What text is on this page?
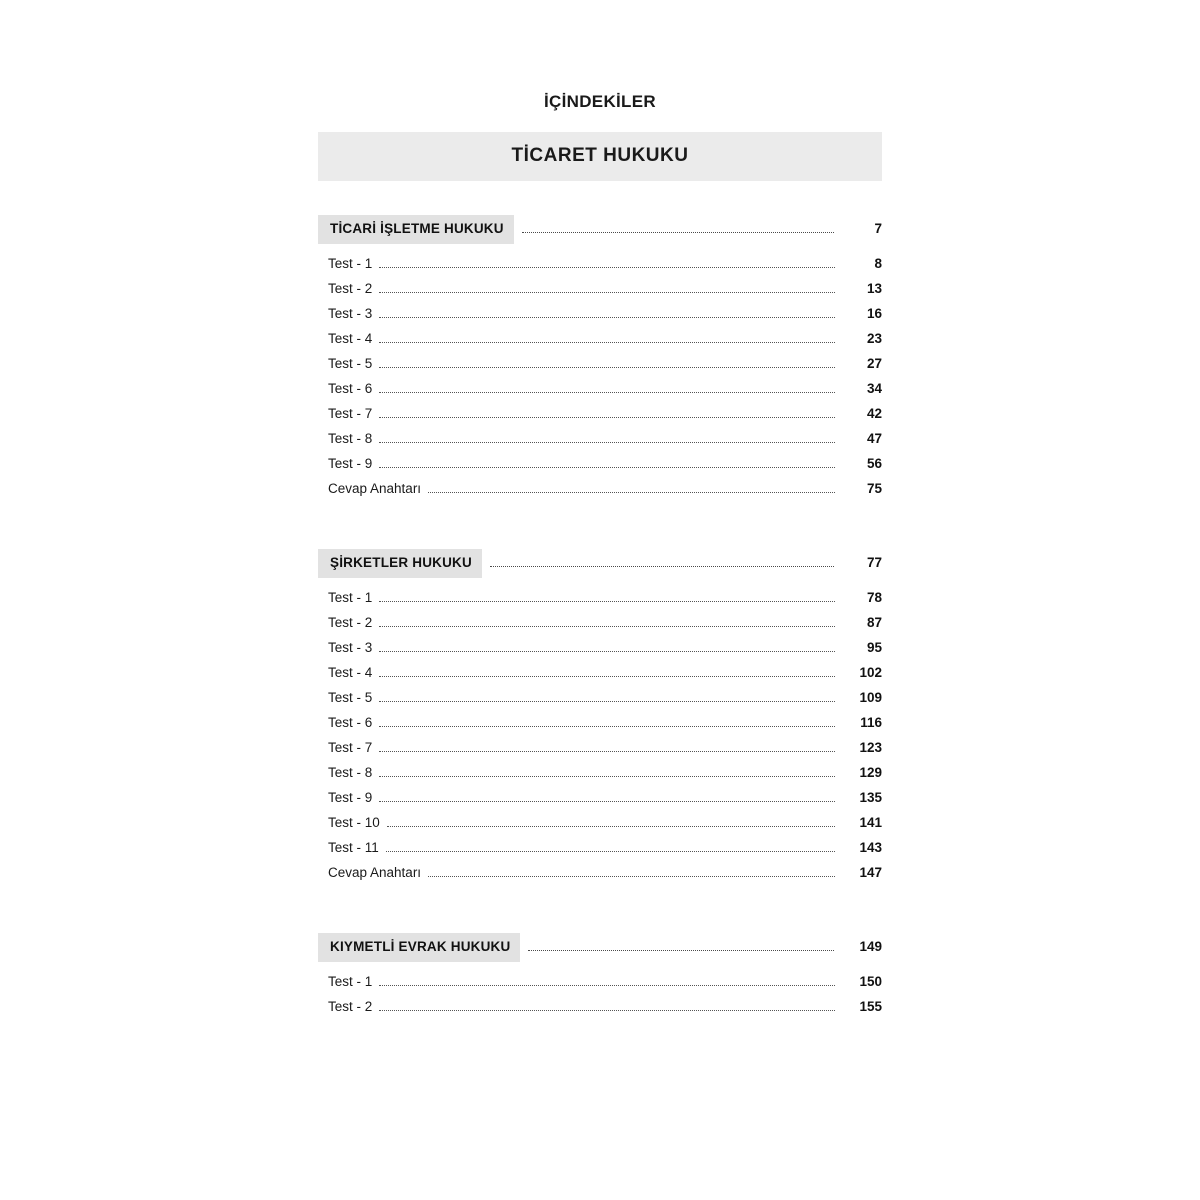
İÇİNDEKİLER
TİCARET HUKUKU
TİCARİ İŞLETME HUKUKU	7
Test - 1	8
Test - 2	13
Test - 3	16
Test - 4	23
Test - 5	27
Test - 6	34
Test - 7	42
Test - 8	47
Test - 9	56
Cevap Anahtarı	75
ŞİRKETLER HUKUKU	77
Test - 1	78
Test - 2	87
Test - 3	95
Test - 4	102
Test - 5	109
Test - 6	116
Test - 7	123
Test - 8	129
Test - 9	135
Test - 10	141
Test - 11	143
Cevap Anahtarı	147
KIYMETLİ EVRAK HUKUKU	149
Test - 1	150
Test - 2	155
